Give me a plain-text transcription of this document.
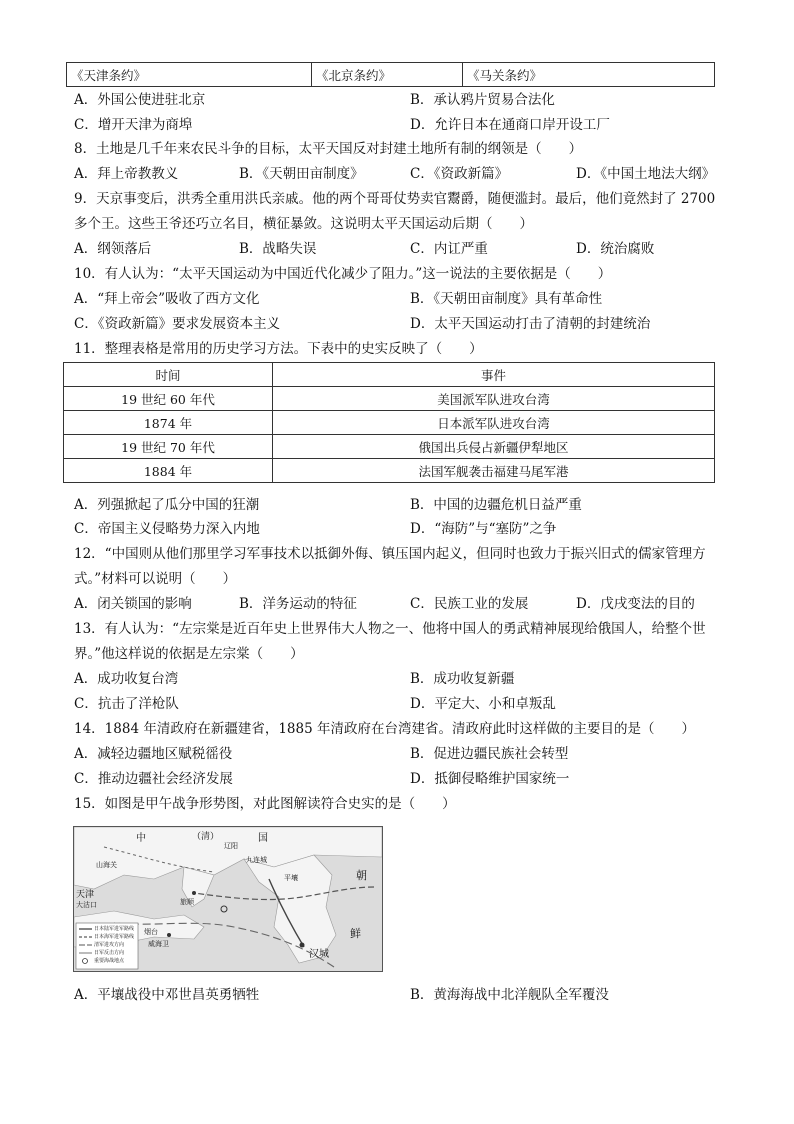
《天津条约》	《北京条约》	《马关条约》
A．外国公使进驻北京	B．承认鸦片贸易合法化
C．增开天津为商埠	D．允许日本在通商口岸开设工厂
8．土地是几千年来农民斗争的目标，太平天国反对封建土地所有制的纲领是（　　）
A．拜上帝教教义	B．《天朝田亩制度》	C．《资政新篇》	D．《中国土地法大纲》
9．天京事变后，洪秀全重用洪氏亲戚。他的两个哥哥仗势卖官鬻爵，随便滥封。最后，他们竟然封了 2700
多个王。这些王爷还巧立名目，横征暴敛。这说明太平天国运动后期（　　）
A．纲领落后	B．战略失误	C．内讧严重	D．统治腐败
10．有人认为：“太平天国运动为中国近代化减少了阻力。”这一说法的主要依据是（　　）
A．“拜上帝会”吸收了西方文化	B．《天朝田亩制度》具有革命性
C．《资政新篇》要求发展资本主义	D．太平天国运动打击了清朝的封建统治
11．整理表格是常用的历史学习方法。下表中的史实反映了（　　）
时间	事件
19 世纪 60 年代	美国派军队进攻台湾
1874 年	日本派军队进攻台湾
19 世纪 70 年代	俄国出兵侵占新疆伊犁地区
1884 年	法国军舰袭击福建马尾军港
A．列强掀起了瓜分中国的狂潮	B．中国的边疆危机日益严重
C．帝国主义侵略势力深入内地	D．“海防”与“塞防”之争
12．“中国则从他们那里学习军事技术以抵御外侮、镇压国内起义，但同时也致力于振兴旧式的儒家管理方
式。”材料可以说明（　　）
A．闭关锁国的影响	B．洋务运动的特征	C．民族工业的发展	D．戊戌变法的目的
13．有人认为：“左宗棠是近百年史上世界伟大人物之一、他将中国人的勇武精神展现给俄国人，给整个世
界。”他这样说的依据是左宗棠（　　）
A．成功收复台湾	B．成功收复新疆
C．抗击了洋枪队	D．平定大、小和卓叛乱
14．1884 年清政府在新疆建省，1885 年清政府在台湾建省。清政府此时这样做的主要目的是（　　）
A．减轻边疆地区赋税徭役	B．促进边疆民族社会转型
C．推动边疆社会经济发展	D．抵御侵略维护国家统一
15．如图是甲午战争形势图，对此图解读符合史实的是（　　）
中	（清）	国
朝
鲜
天津
大沽口
山海关
辽阳
旅顺
威海卫
汉城
烟台
九连城
平壤
日本陆军进军路线
日本海军进军路线
清军进攻方向
日军反击方向
重要海战地点
A．平壤战役中邓世昌英勇牺牲	B．黄海海战中北洋舰队全军覆没
